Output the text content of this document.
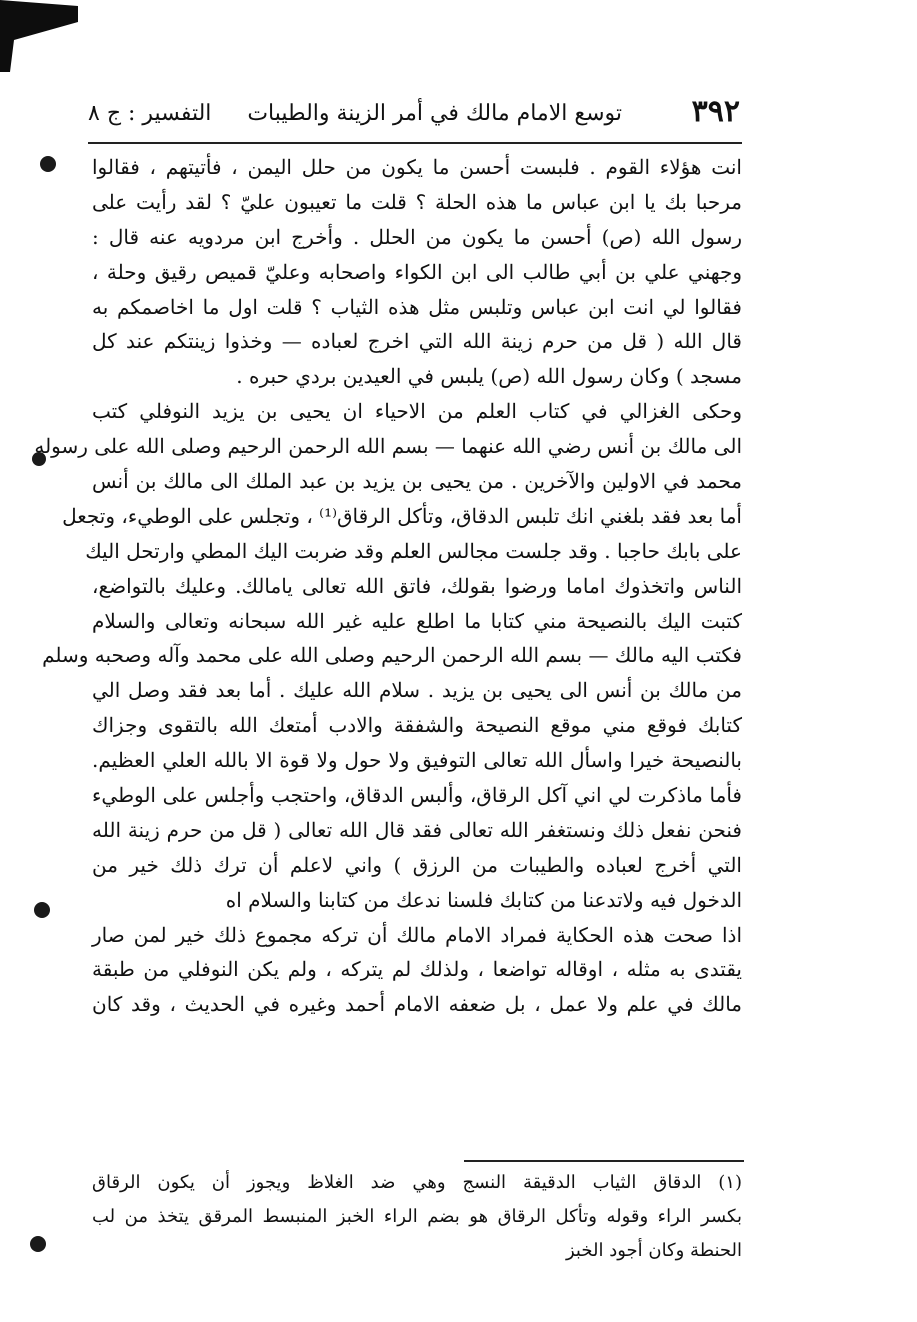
٣٩٢
توسع الامام مالك في أمر الزينة والطيبات
التفسير : ج ٨
انت هؤلاء القوم . فلبست أحسن ما يكون من حلل اليمن ، فأتيتهم ، فقالوا
مرحبا بك يا ابن عباس ما هذه الحلة ؟ قلت ما تعيبون عليّ ؟ لقد رأيت على
رسول الله (ص) أحسن ما يكون من الحلل . وأخرج ابن مردويه عنه قال :
وجهني علي بن أبي طالب الى ابن الكواء واصحابه وعليّ قميص رقيق وحلة ،
فقالوا لي انت ابن عباس وتلبس مثل هذه الثياب ؟ قلت اول ما اخاصمكم به
قال الله ( قل من حرم زينة الله التي اخرج لعباده — وخذوا زينتكم عند كل
مسجد ) وكان رسول الله (ص) يلبس في العيدين بردي حبره .
وحكى الغزالي في كتاب العلم من الاحياء ان يحيى بن يزيد النوفلي كتب
الى مالك بن أنس رضي الله عنهما — بسم الله الرحمن الرحيم وصلى الله على رسوله
محمد في الاولين والآخرين . من يحيى بن يزيد بن عبد الملك الى مالك بن أنس
أما بعد فقد بلغني انك تلبس الدقاق، وتأكل الرقاق⁽¹⁾ ، وتجلس على الوطيء، وتجعل
على بابك حاجبا . وقد جلست مجالس العلم وقد ضربت اليك المطي وارتحل اليك
الناس واتخذوك اماما ورضوا بقولك، فاتق الله تعالى يامالك. وعليك بالتواضع،
كتبت اليك بالنصيحة مني كتابا ما اطلع عليه غير الله سبحانه وتعالى والسلام
فكتب اليه مالك — بسم الله الرحمن الرحيم وصلى الله على محمد وآله وصحبه وسلم
من مالك بن أنس الى يحيى بن يزيد . سلام الله عليك . أما بعد فقد وصل الي
كتابك فوقع مني موقع النصيحة والشفقة والادب أمتعك الله بالتقوى وجزاك
بالنصيحة خيرا واسأل الله تعالى التوفيق ولا حول ولا قوة الا بالله العلي العظيم.
فأما ماذكرت لي اني آكل الرقاق، وألبس الدقاق، واحتجب وأجلس على الوطيء
فنحن نفعل ذلك ونستغفر الله تعالى فقد قال الله تعالى ( قل من حرم زينة الله
التي أخرج لعباده والطيبات من الرزق ) واني لاعلم أن ترك ذلك خير من
الدخول فيه ولاتدعنا من كتابك فلسنا ندعك من كتابنا والسلام اه
اذا صحت هذه الحكاية فمراد الامام مالك أن تركه مجموع ذلك خير لمن صار
يقتدى به مثله ، اوقاله تواضعا ، ولذلك لم يتركه ، ولم يكن النوفلي من طبقة
مالك في علم ولا عمل ، بل ضعفه الامام أحمد وغيره في الحديث ، وقد كان
(١) الدقاق الثياب الدقيقة النسج وهي ضد الغلاظ ويجوز أن يكون الرقاق
بكسر الراء وقوله وتأكل الرقاق هو بضم الراء الخبز المنبسط المرقق يتخذ من لب
الحنطة وكان أجود الخبز
